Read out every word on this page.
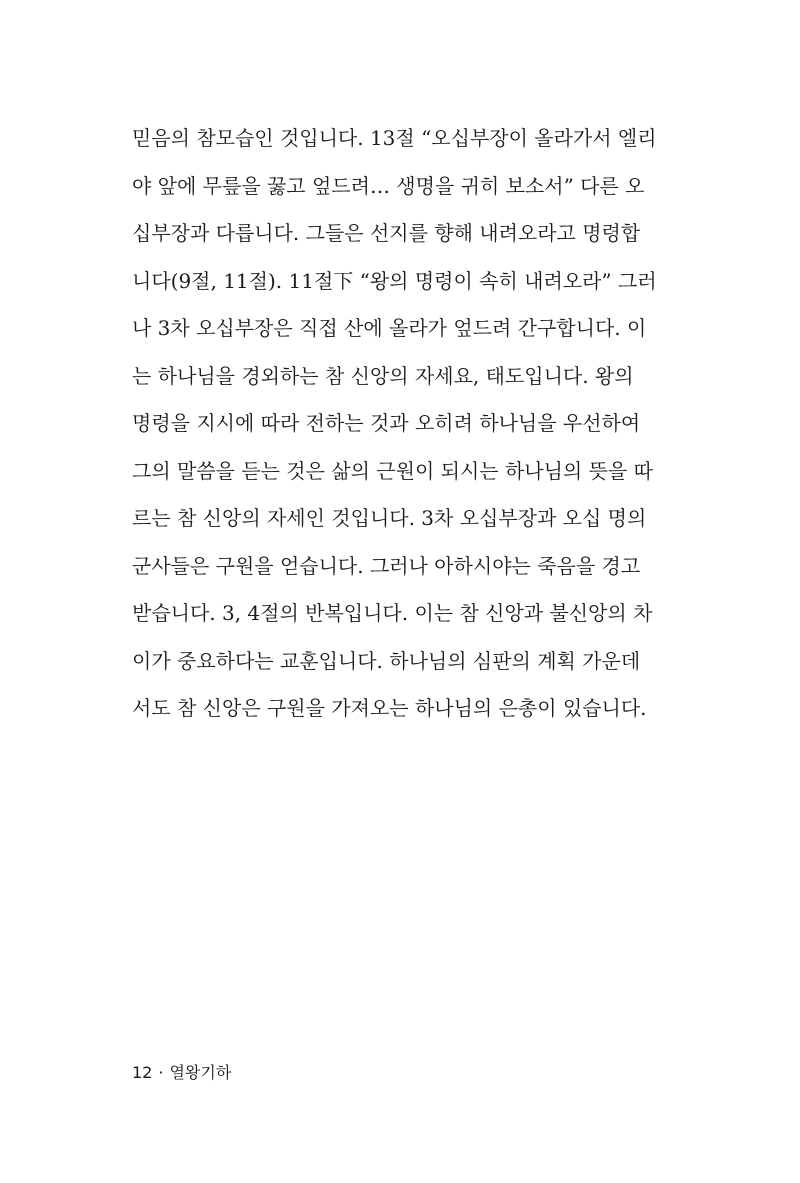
믿음의 참모습인 것입니다. 13절 “오십부장이 올라가서 엘리
야 앞에 무릎을 꿇고 엎드려… 생명을 귀히 보소서” 다른 오
십부장과 다릅니다. 그들은 선지를 향해 내려오라고 명령합
니다(9절, 11절). 11절下 “왕의 명령이 속히 내려오라” 그러
나 3차 오십부장은 직접 산에 올라가 엎드려 간구합니다. 이
는 하나님을 경외하는 참 신앙의 자세요, 태도입니다. 왕의
명령을 지시에 따라 전하는 것과 오히려 하나님을 우선하여
그의 말씀을 듣는 것은 삶의 근원이 되시는 하나님의 뜻을 따
르는 참 신앙의 자세인 것입니다. 3차 오십부장과 오십 명의
군사들은 구원을 얻습니다. 그러나 아하시야는 죽음을 경고
받습니다. 3, 4절의 반복입니다. 이는 참 신앙과 불신앙의 차
이가 중요하다는 교훈입니다. 하나님의 심판의 계획 가운데
서도 참 신앙은 구원을 가져오는 하나님의 은총이 있습니다.
12 · 열왕기하
